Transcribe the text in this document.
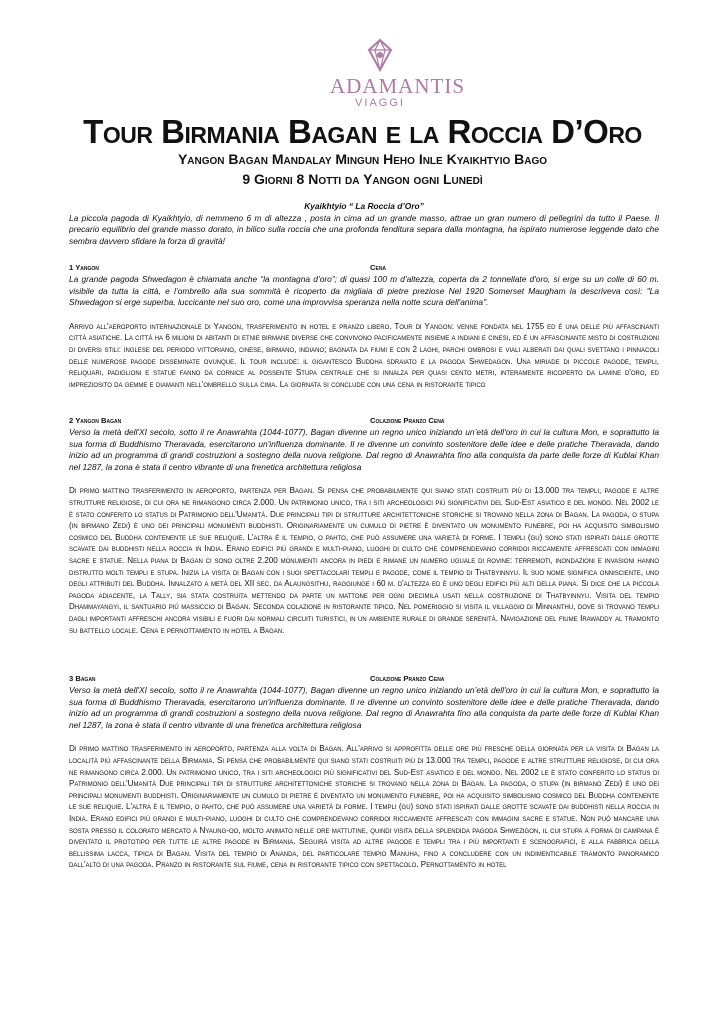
ADAMANTIS
VIAGGI
Tour Birmania Bagan e la Roccia D’Oro
Yangon Bagan Mandalay Mingun Heho Inle Kyaikhtyio Bago
9 Giorni 8 Notti da Yangon ogni Lunedì
Kyaikhtyio “ La Roccia d’Oro”

La piccola pagoda di Kyaikhtyio, di nemmeno 6 m di altezza , posta in cima ad un grande masso, attrae un gran numero di pellegrini da tutto il Paese. Il precario equilibrio del grande masso dorato, in bilico sulla roccia che una profonda fenditura separa dalla montagna, ha ispirato numerose leggende dato che sembra davvero sfidare la forza di gravità!

1 Yangon	Cena

La grande pagoda Shwedagon è chiamata anche “la montagna d’oro”; di quasi 100 m d'altezza, coperta da 2 tonnellate d'oro, si erge su un colle di 60 m. visibile da tutta la città, e l’ombrello alla sua sommità è ricoperto da migliaia di pietre preziose Nel 1920 Somerset Maugham la descriveva così: "La Shwedagon si erge superba, luccicante nel suo oro, come una improvvisa speranza nella notte scura dell'anima".

Arrivo all'aeroporto internazionale di Yangon, trasferimento in hotel e pranzo libero. Tour di Yangon: venne fondata nel 1755 ed è una delle più affascinanti città asiatiche. La città ha 6 milioni di abitanti di etnie birmane diverse che convivono pacificamente insieme a indiani e cinesi, ed è un affascinante misto di costruzioni di diversi stili: inglese del periodo vittoriano, cinese, birmano, indiano; bagnata da fiumi e con 2 laghi, parchi ombrosi e viali alberati dai quali svettano i pinnacoli delle numerose pagode disseminate ovunque. Il tour include: il gigantesco Buddha sdraiato e la pagoda Shwedagon. Una miriade di piccole pagode, templi, reliquari, padiglioni e statue fanno da cornice al possente Stupa centrale che si innalza per quasi cento metri, interamente ricoperto da lamine d'oro, ed impreziosito da gemme e diamanti nell'ombrello sulla cima. La giornata si conclude con una cena in ristorante tipico

2 Yangon Bagan	Colazione Pranzo Cena

Verso la metà dell'XI secolo, sotto il re Anawrahta (1044-1077), Bagan divenne un regno unico iniziando un’età dell'oro in cui la cultura Mon, e soprattutto la sua forma di Buddhismo Theravada, esercitarono un'influenza dominante. Il re divenne un convinto sostenitore delle idee e delle pratiche Theravada, dando inizio ad un programma di grandi costruzioni a sostegno della nuova religione. Dal regno di Anawrahta fino alla conquista da parte delle forze di Kublai Khan nel 1287, la zona è stata il centro vibrante di una frenetica architettura religiosa

Di primo mattino trasferimento in aeroporto, partenza per Bagan. Si pensa che probabilmente qui siano stati costruiti più di 13.000 tra templi, pagode e altre strutture religiose, di cui ora ne rimangono circa 2.000. Un patrimonio unico, tra i siti archeologici più significativi del Sud-Est asiatico e del mondo. Nel 2002 le è stato conferito lo status di Patrimonio dell'Umanità. Due principali tipi di strutture architettoniche storiche si trovano nella zona di Bagan. La pagoda, o stupa (in birmano Zedi) è uno dei principali monumenti buddhisti. Originariamente un cumulo di pietre è diventato un monumento funebre, poi ha acquisito simbolismo cosmico del Buddha contenente le sue reliquie. L'altra è il tempio, o pahto, che può assumere una varietà di forme. I templi (gu) sono stati ispirati dalle grotte scavate dai buddhisti nella roccia in India. Erano edifici più grandi e multi-piano, luoghi di culto che comprendevano corridoi riccamente affrescati con immagini sacre e statue. Nella piana di Bagan ci sono oltre 2.200 monumenti ancora in piedi e rimane un numero uguale di rovine: terremoti, inondazioni e invasioni hanno distrutto molti templi e stupa. Inizia la visita di Bagan con i suoi spettacolari templi e pagode, come il tempio di Thatbyinnyu. Il suo nome significa onnisciente, uno degli attributi del Buddha. Innalzato a metà del XII sec. da Alaungsithu, raggiunge i 60 m. d'altezza ed è uno degli edifici più alti della piana. Si dice che la piccola pagoda adiacente, la Tally, sia stata costruita mettendo da parte un mattone per ogni diecimila usati nella costruzione di Thatbyinnyu. Visita del tempio Dhammayangyi, il santuario più massiccio di Bagan. Seconda colazione in ristorante tipico. Nel pomeriggio si visita il villaggio di Minnanthu, dove si trovano templi dagli importanti affreschi ancora visibili e fuori dai normali circuiti turistici, in un ambiente rurale di grande serenità. Navigazione del fiume Irawaddy al tramonto su battello locale. Cena e pernottamento in hotel a Bagan.

3 Bagan	Colazione Pranzo Cena

Verso la metà dell'XI secolo, sotto il re Anawrahta (1044-1077), Bagan divenne un regno unico iniziando un’età dell'oro in cui la cultura Mon, e soprattutto la sua forma di Buddhismo Theravada, esercitarono un'influenza dominante. Il re divenne un convinto sostenitore delle idee e delle pratiche Theravada, dando inizio ad un programma di grandi costruzioni a sostegno della nuova religione. Dal regno di Anawrahta fino alla conquista da parte delle forze di Kublai Khan nel 1287, la zona è stata il centro vibrante di una frenetica architettura religiosa

Di primo mattino trasferimento in aeroporto, partenza alla volta di Bagan. All'arrivo si approfitta delle ore più fresche della giornata per la visita di Bagan la località più affascinante della Birmania. Si pensa che probabilmente qui siano stati costruiti più di 13.000 tra templi, pagode e altre strutture religiose, di cui ora ne rimangono circa 2.000. Un patrimonio unico, tra i siti archeologici più significativi del Sud-Est asiatico e del mondo. Nel 2002 le è stato conferito lo status di Patrimonio dell'Umanità Due principali tipi di strutture architettoniche storiche si trovano nella zona di Bagan. La pagoda, o stupa (in birmano Zedi) è uno dei principali monumenti buddhisti. Originariamente un cumulo di pietre è diventato un monumento funebre, poi ha acquisito simbolismo cosmico del Buddha contenente le sue reliquie. L'altra è il tempio, o pahto, che può assumere una varietà di forme. I templi (gu) sono stati ispirati dalle grotte scavate dai buddhisti nella roccia in India. Erano edifici più grandi e multi-piano, luoghi di culto che comprendevano corridoi riccamente affrescati con immagini sacre e statue. Non può mancare una sosta presso il colorato mercato a Nyaung-oo, molto animato nelle ore mattutine, quindi visita della splendida pagoda Shwezigon, il cui stupa a forma di campana è diventato il prototipo per tutte le altre pagode in Birmania. Seguirà visita ad altre pagode e templi tra i più importanti e scenografici, e alla fabbrica della bellissima lacca, tipica di Bagan. Visita del tempio di Ananda, del particolare tempio Manuha, fino a concludere con un indimenticabile tramonto panoramico dall'alto di una pagoda. Pranzo in ristorante sul fiume, cena in ristorante tipico con spettacolo. Pernottamento in hotel
